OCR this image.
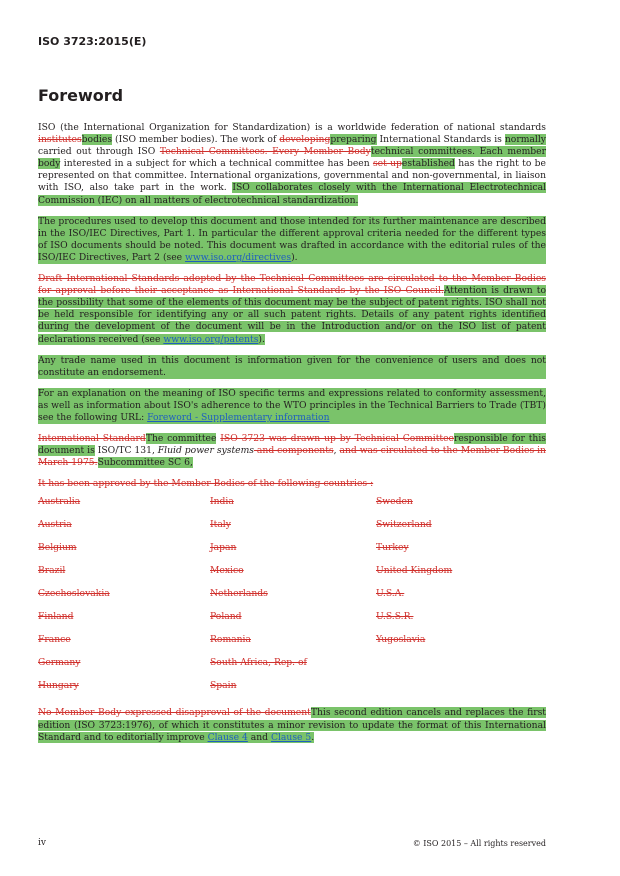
ISO 3723:2015(E)
Foreword

ISO (the International Organization for Standardization) is a worldwide federation of national standards institutesbodies (ISO member bodies). The work of developingpreparing International Standards is normally carried out through ISO Technical Committees. Every Member Bodytechnical committees. Each member body interested in a subject for which a technical committee has been set upestablished has the right to be represented on that committee. International organizations, governmental and non-governmental, in liaison with ISO, also take part in the work. ISO collaborates closely with the International Electrotechnical Commission (IEC) on all matters of electrotechnical standardization.

The procedures used to develop this document and those intended for its further maintenance are described in the ISO/IEC Directives, Part 1. In particular the different approval criteria needed for the different types of ISO documents should be noted. This document was drafted in accordance with the editorial rules of the ISO/IEC Directives, Part 2 (see www.iso.org/directives).

Draft International Standards adopted by the Technical Committees are circulated to the Member Bodies for approval before their acceptance as International Standards by the ISO Council.Attention is drawn to the possibility that some of the elements of this document may be the subject of patent rights. ISO shall not be held responsible for identifying any or all such patent rights. Details of any patent rights identified during the development of the document will be in the Introduction and/or on the ISO list of patent declarations received (see www.iso.org/patents).

Any trade name used in this document is information given for the convenience of users and does not constitute an endorsement.

For an explanation on the meaning of ISO specific terms and expressions related to conformity assessment, as well as information about ISO's adherence to the WTO principles in the Technical Barriers to Trade (TBT) see the following URL: Foreword - Supplementary information

International StandardThe committee ISO 3723 was drawn up by Technical Committeeresponsible for this document is ISO/TC 131, Fluid power systems and components, and was circulated to the Member Bodies in March 1975.Subcommittee SC 6,

It has been approved by the Member Bodies of the following countries :

Australia	India	Sweden
Austria	Italy	Switzerland
Belgium	Japan	Turkey
Brazil	Mexico	United Kingdom
Czechoslovakia	Netherlands	U.S.A.
Finland	Poland	U.S.S.R.
France	Romania	Yugoslavia
Germany	South Africa, Rep. of
Hungary	Spain

No Member Body expressed disapproval of the documentThis second edition cancels and replaces the first edition (ISO 3723:1976), of which it constitutes a minor revision to update the format of this International Standard and to editorially improve Clause 4 and Clause 5.

iv	© ISO 2015 – All rights reserved
